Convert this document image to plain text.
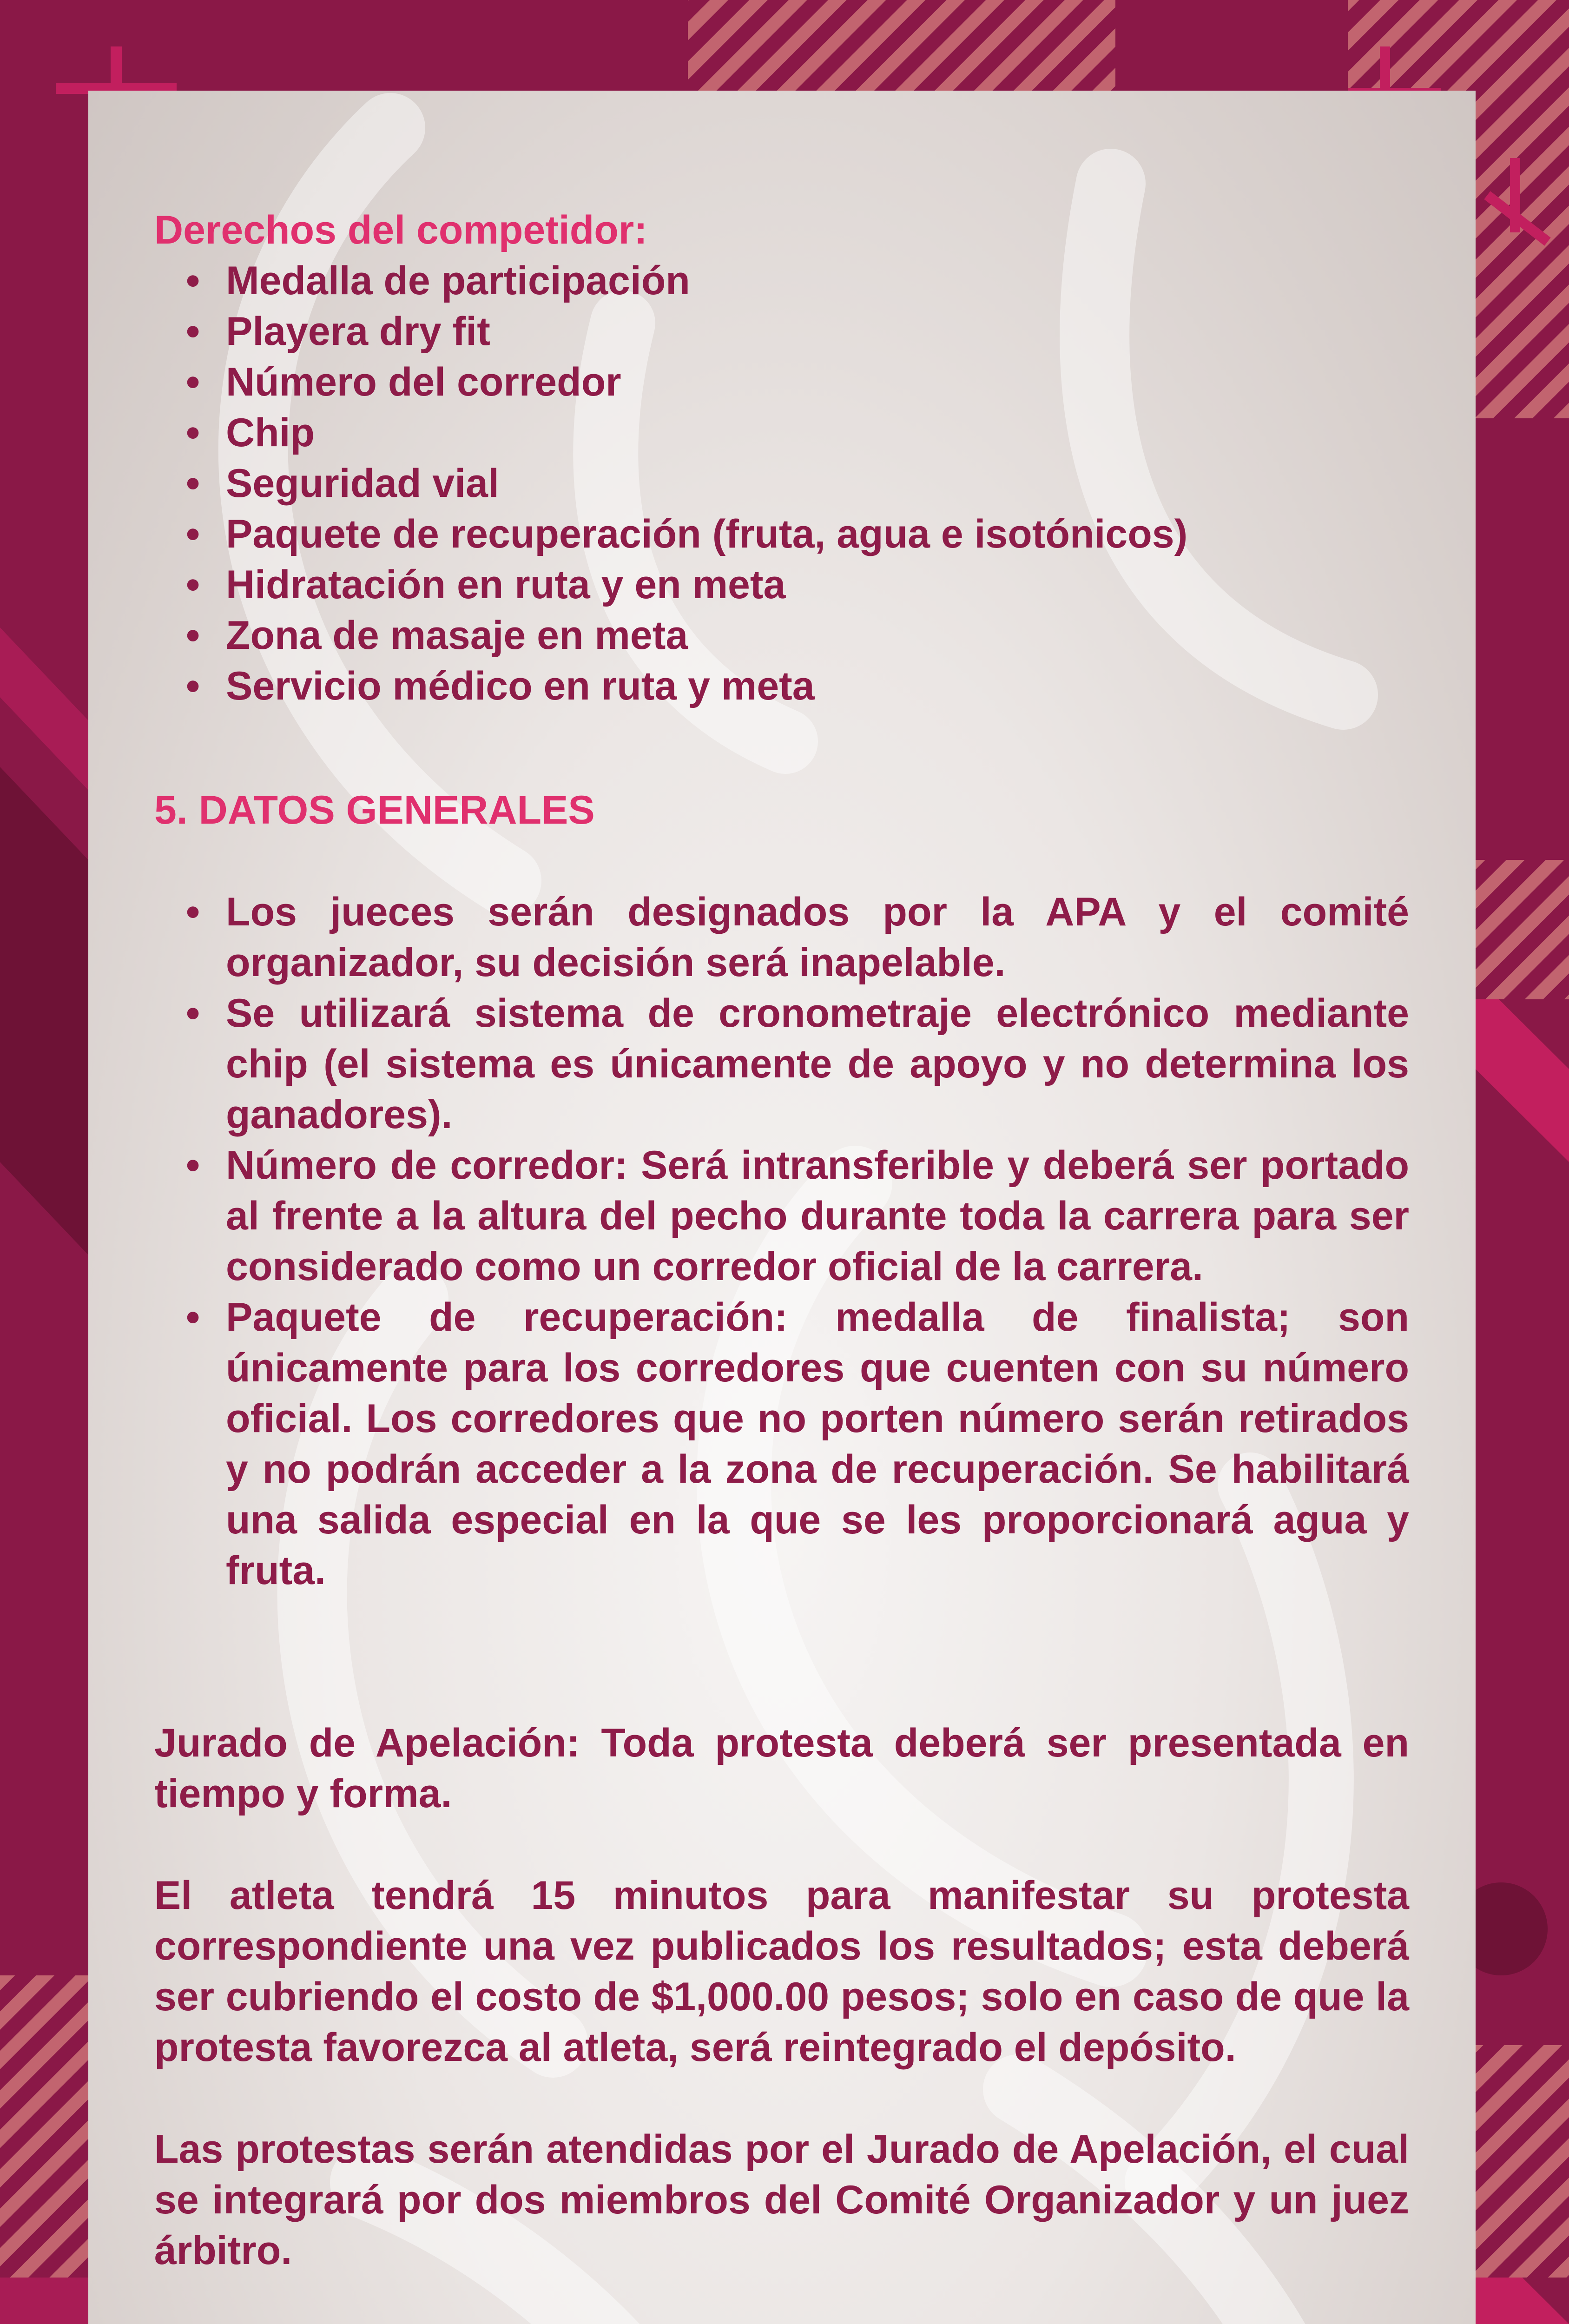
Derechos del competidor:
• Medalla de participación
• Playera dry fit
• Número del corredor
• Chip
• Seguridad vial
• Paquete de recuperación (fruta, agua e isotónicos)
• Hidratación en ruta y en meta
• Zona de masaje en meta
• Servicio médico en ruta y meta
5. DATOS GENERALES
• Los jueces serán designados por la APA y el comité organizador, su decisión será inapelable.
• Se utilizará sistema de cronometraje electrónico mediante chip (el sistema es únicamente de apoyo y no determina los ganadores).
• Número de corredor: Será intransferible y deberá ser portado al frente a la altura del pecho durante toda la carrera para ser considerado como un corredor oficial de la carrera.
• Paquete de recuperación: medalla de finalista; son únicamente para los corredores que cuenten con su número oficial. Los corredores que no porten número serán retirados y no podrán acceder a la zona de recuperación. Se habilitará una salida especial en la que se les proporcionará agua y fruta.

Jurado de Apelación: Toda protesta deberá ser presentada en tiempo y forma.

El atleta tendrá 15 minutos para manifestar su protesta correspondiente una vez publicados los resultados; esta deberá ser cubriendo el costo de $1,000.00 pesos; solo en caso de que la protesta favorezca al atleta, será reintegrado el depósito.

Las protestas serán atendidas por el Jurado de Apelación, el cual se integrará por dos miembros del Comité Organizador y un juez árbitro.
